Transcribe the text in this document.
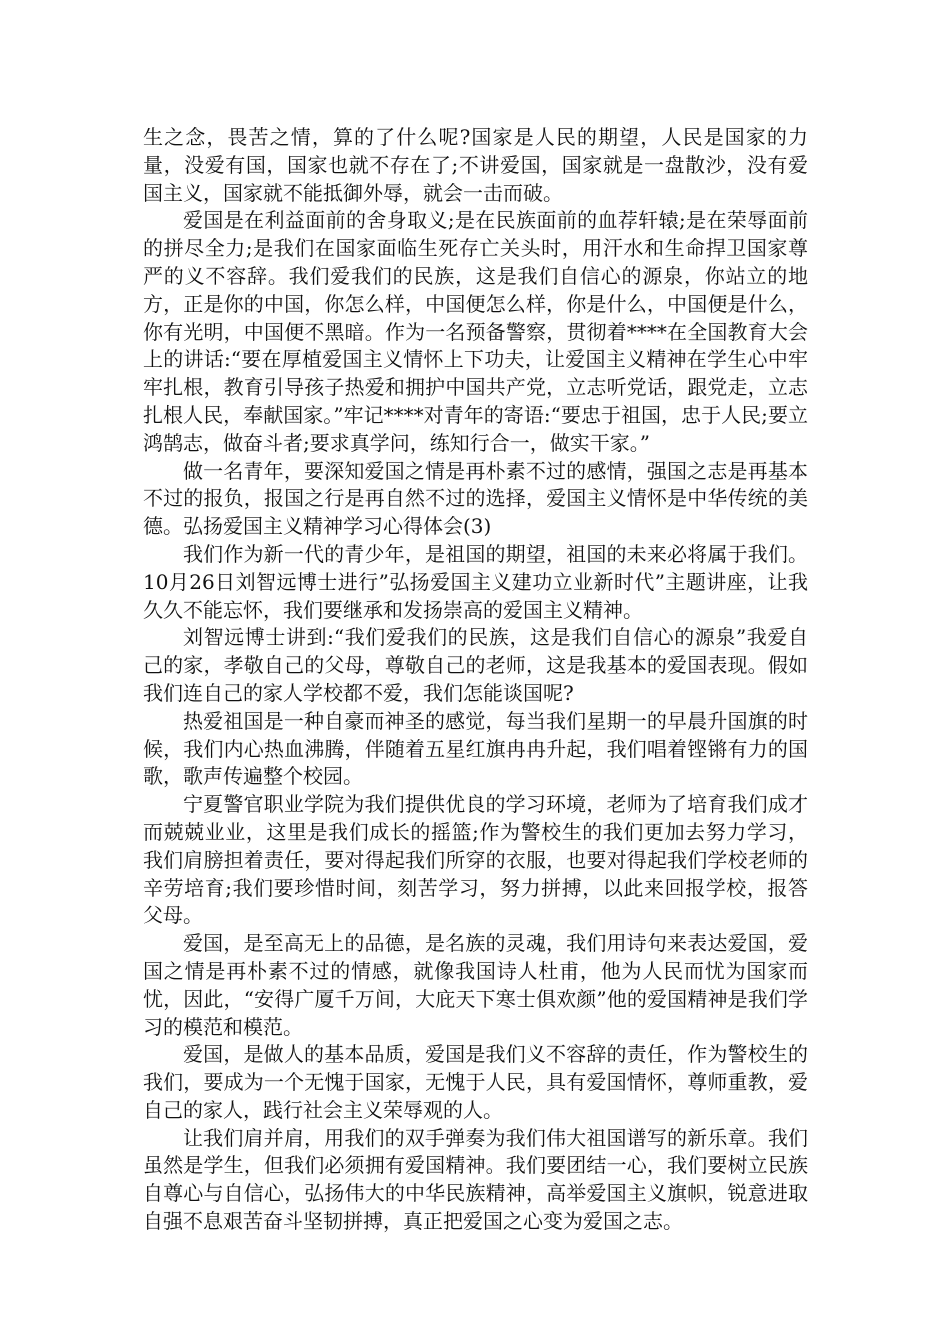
生之念，畏苦之情，算的了什么呢?国家是人民的期望，人民是国家的力量，没爱有国，国家也就不存在了;不讲爱国，国家就是一盘散沙，没有爱国主义，国家就不能抵御外辱，就会一击而破。

爱国是在利益面前的舍身取义;是在民族面前的血荐轩辕;是在荣辱面前的拼尽全力;是我们在国家面临生死存亡关头时，用汗水和生命捍卫国家尊严的义不容辞。我们爱我们的民族，这是我们自信心的源泉，你站立的地方，正是你的中国，你怎么样，中国便怎么样，你是什么，中国便是什么，你有光明，中国便不黑暗。作为一名预备警察，贯彻着****在全国教育大会上的讲话:“要在厚植爱国主义情怀上下功夫，让爱国主义精神在学生心中牢牢扎根，教育引导孩子热爱和拥护中国共产党，立志听党话，跟党走，立志扎根人民，奉献国家。”牢记****对青年的寄语:“要忠于祖国，忠于人民;要立鸿鹄志，做奋斗者;要求真学问，练知行合一，做实干家。”

做一名青年，要深知爱国之情是再朴素不过的感情，强国之志是再基本不过的报负，报国之行是再自然不过的选择，爱国主义情怀是中华传统的美德。弘扬爱国主义精神学习心得体会(3)

我们作为新一代的青少年，是祖国的期望，祖国的未来必将属于我们。10月26日刘智远博士进行”弘扬爱国主义建功立业新时代”主题讲座，让我久久不能忘怀，我们要继承和发扬崇高的爱国主义精神。

刘智远博士讲到:“我们爱我们的民族，这是我们自信心的源泉”我爱自己的家，孝敬自己的父母，尊敬自己的老师，这是我基本的爱国表现。假如我们连自己的家人学校都不爱，我们怎能谈国呢?

热爱祖国是一种自豪而神圣的感觉，每当我们星期一的早晨升国旗的时候，我们内心热血沸腾，伴随着五星红旗冉冉升起，我们唱着铿锵有力的国歌，歌声传遍整个校园。

宁夏警官职业学院为我们提供优良的学习环境，老师为了培育我们成才而兢兢业业，这里是我们成长的摇篮;作为警校生的我们更加去努力学习，我们肩膀担着责任，要对得起我们所穿的衣服，也要对得起我们学校老师的辛劳培育;我们要珍惜时间，刻苦学习，努力拼搏，以此来回报学校，报答父母。

爱国，是至高无上的品德，是名族的灵魂，我们用诗句来表达爱国，爱国之情是再朴素不过的情感，就像我国诗人杜甫，他为人民而忧为国家而忧，因此，“安得广厦千万间，大庇天下寒士俱欢颜”他的爱国精神是我们学习的模范和模范。

爱国，是做人的基本品质，爱国是我们义不容辞的责任，作为警校生的我们，要成为一个无愧于国家，无愧于人民，具有爱国情怀，尊师重教，爱自己的家人，践行社会主义荣辱观的人。

让我们肩并肩，用我们的双手弹奏为我们伟大祖国谱写的新乐章。我们虽然是学生，但我们必须拥有爱国精神。我们要团结一心，我们要树立民族自尊心与自信心，弘扬伟大的中华民族精神，高举爱国主义旗帜，锐意进取自强不息艰苦奋斗坚韧拼搏，真正把爱国之心变为爱国之志。
